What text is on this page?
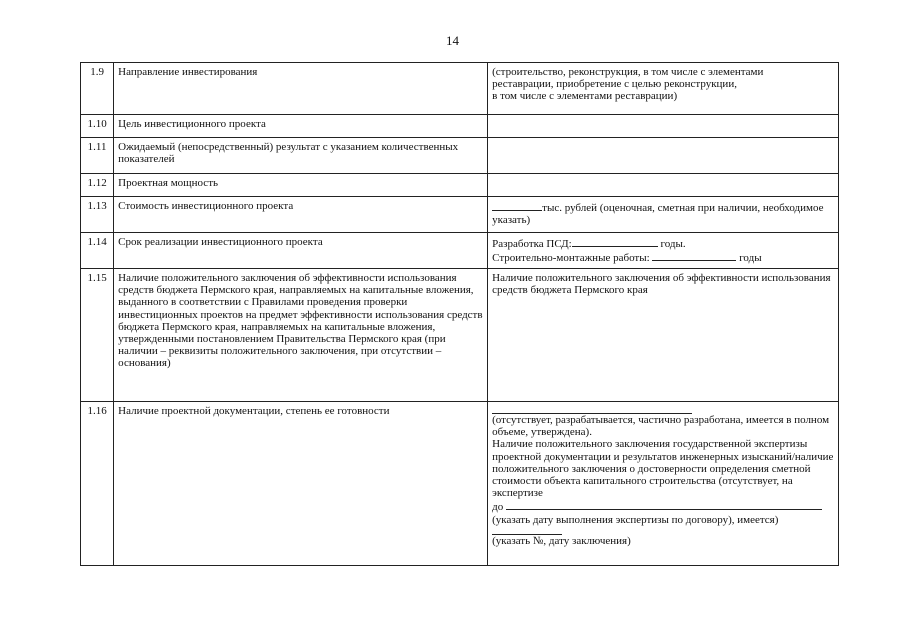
14
1.9	Направление инвестирования	(строительство, реконструкция, в том числе с элементами
реставрации, приобретение с целью реконструкции,
в том числе с элементами реставрации)

1.10	Цель инвестиционного проекта	
1.11	Ожидаемый (непосредственный) результат с указанием количественных показателей	
1.12	Проектная мощность	
1.13	Стоимость инвестиционного проекта	тыс. рублей (оценочная, сметная при наличии, необходимое указать)
1.14	Срок реализации инвестиционного проекта	Разработка ПСД: годы.
Строительно-монтажные работы: годы

1.15	Наличие положительного заключения об эффективности использования средств бюджета Пермского края, направляемых на капитальные вложения, выданного в соответствии с Правилами проведения проверки инвестиционных проектов на предмет эффективности использования средств бюджета Пермского края, направляемых на капитальные вложения, утвержденными постановлением Правительства Пермского края (при наличии – реквизиты положительного заключения, при отсутствии – основания)	Наличие положительного заключения об эффективности использования средств бюджета Пермского края
1.16	Наличие проектной документации, степень ее готовности	(отсутствует, разрабатывается, частично разработана, имеется в полном объеме, утверждена).
Наличие положительного заключения государственной экспертизы проектной документации и результатов инженерных изысканий/наличие положительного заключения о достоверности определения сметной стоимости объекта капитального строительства (отсутствует, на экспертизе
до
(указать дату выполнения экспертизы по договору), имеется)
(указать №, дату заключения)
